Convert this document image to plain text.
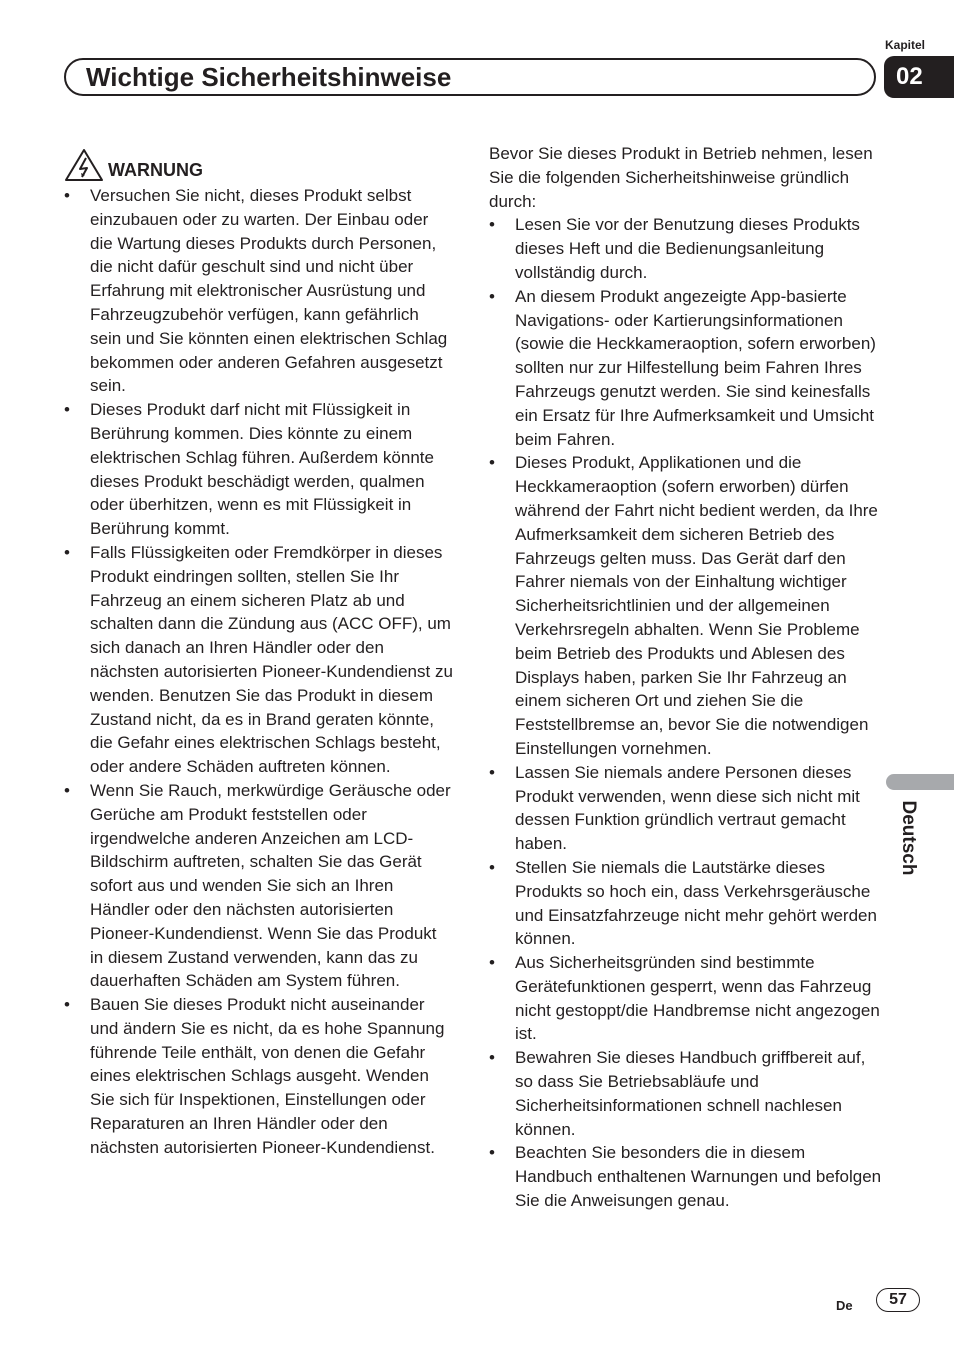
Kapitel
02
Wichtige Sicherheitshinweise
Deutsch
WARNUNG
• Versuchen Sie nicht, dieses Produkt selbst einzubauen oder zu warten. Der Einbau oder die Wartung dieses Produkts durch Personen, die nicht dafür geschult sind und nicht über Erfahrung mit elektronischer Ausrüstung und Fahrzeugzubehör verfügen, kann gefährlich sein und Sie könnten einen elektrischen Schlag bekommen oder anderen Gefahren ausgesetzt sein.
• Dieses Produkt darf nicht mit Flüssigkeit in Berührung kommen. Dies könnte zu einem elektrischen Schlag führen. Außerdem könnte dieses Produkt beschädigt werden, qualmen oder überhitzen, wenn es mit Flüssigkeit in Berührung kommt.
• Falls Flüssigkeiten oder Fremdkörper in dieses Produkt eindringen sollten, stellen Sie Ihr Fahrzeug an einem sicheren Platz ab und schalten dann die Zündung aus (ACC OFF), um sich danach an Ihren Händler oder den nächsten autorisierten Pioneer-Kundendienst zu wenden. Benutzen Sie das Produkt in diesem Zustand nicht, da es in Brand geraten könnte, die Gefahr eines elektrischen Schlags besteht, oder andere Schäden auftreten können.
• Wenn Sie Rauch, merkwürdige Geräusche oder Gerüche am Produkt feststellen oder irgendwelche anderen Anzeichen am LCD-Bildschirm auftreten, schalten Sie das Gerät sofort aus und wenden Sie sich an Ihren Händler oder den nächsten autorisierten Pioneer-Kundendienst. Wenn Sie das Produkt in diesem Zustand verwenden, kann das zu dauerhaften Schäden am System führen.
• Bauen Sie dieses Produkt nicht auseinander und ändern Sie es nicht, da es hohe Spannung führende Teile enthält, von denen die Gefahr eines elektrischen Schlags ausgeht. Wenden Sie sich für Inspektionen, Einstellungen oder Reparaturen an Ihren Händler oder den nächsten autorisierten Pioneer-Kundendienst.

Bevor Sie dieses Produkt in Betrieb nehmen, lesen Sie die folgenden Sicherheitshinweise gründlich durch:

• Lesen Sie vor der Benutzung dieses Produkts dieses Heft und die Bedienungsanleitung vollständig durch.
• An diesem Produkt angezeigte App-basierte Navigations- oder Kartierungsinformationen (sowie die Heckkameraoption, sofern erworben) sollten nur zur Hilfestellung beim Fahren Ihres Fahrzeugs genutzt werden. Sie sind keinesfalls ein Ersatz für Ihre Aufmerksamkeit und Umsicht beim Fahren.
• Dieses Produkt, Applikationen und die Heckkameraoption (sofern erworben) dürfen während der Fahrt nicht bedient werden, da Ihre Aufmerksamkeit dem sicheren Betrieb des Fahrzeugs gelten muss. Das Gerät darf den Fahrer niemals von der Einhaltung wichtiger Sicherheitsrichtlinien und der allgemeinen Verkehrsregeln abhalten. Wenn Sie Probleme beim Betrieb des Produkts und Ablesen des Displays haben, parken Sie Ihr Fahrzeug an einem sicheren Ort und ziehen Sie die Feststellbremse an, bevor Sie die notwendigen Einstellungen vornehmen.
• Lassen Sie niemals andere Personen dieses Produkt verwenden, wenn diese sich nicht mit dessen Funktion gründlich vertraut gemacht haben.
• Stellen Sie niemals die Lautstärke dieses Produkts so hoch ein, dass Verkehrsgeräusche und Einsatzfahrzeuge nicht mehr gehört werden können.
• Aus Sicherheitsgründen sind bestimmte Gerätefunktionen gesperrt, wenn das Fahrzeug nicht gestoppt/die Handbremse nicht angezogen ist.
• Bewahren Sie dieses Handbuch griffbereit auf, so dass Sie Betriebsabläufe und Sicherheitsinformationen schnell nachlesen können.
• Beachten Sie besonders die in diesem Handbuch enthaltenen Warnungen und befolgen Sie die Anweisungen genau.
De	57
